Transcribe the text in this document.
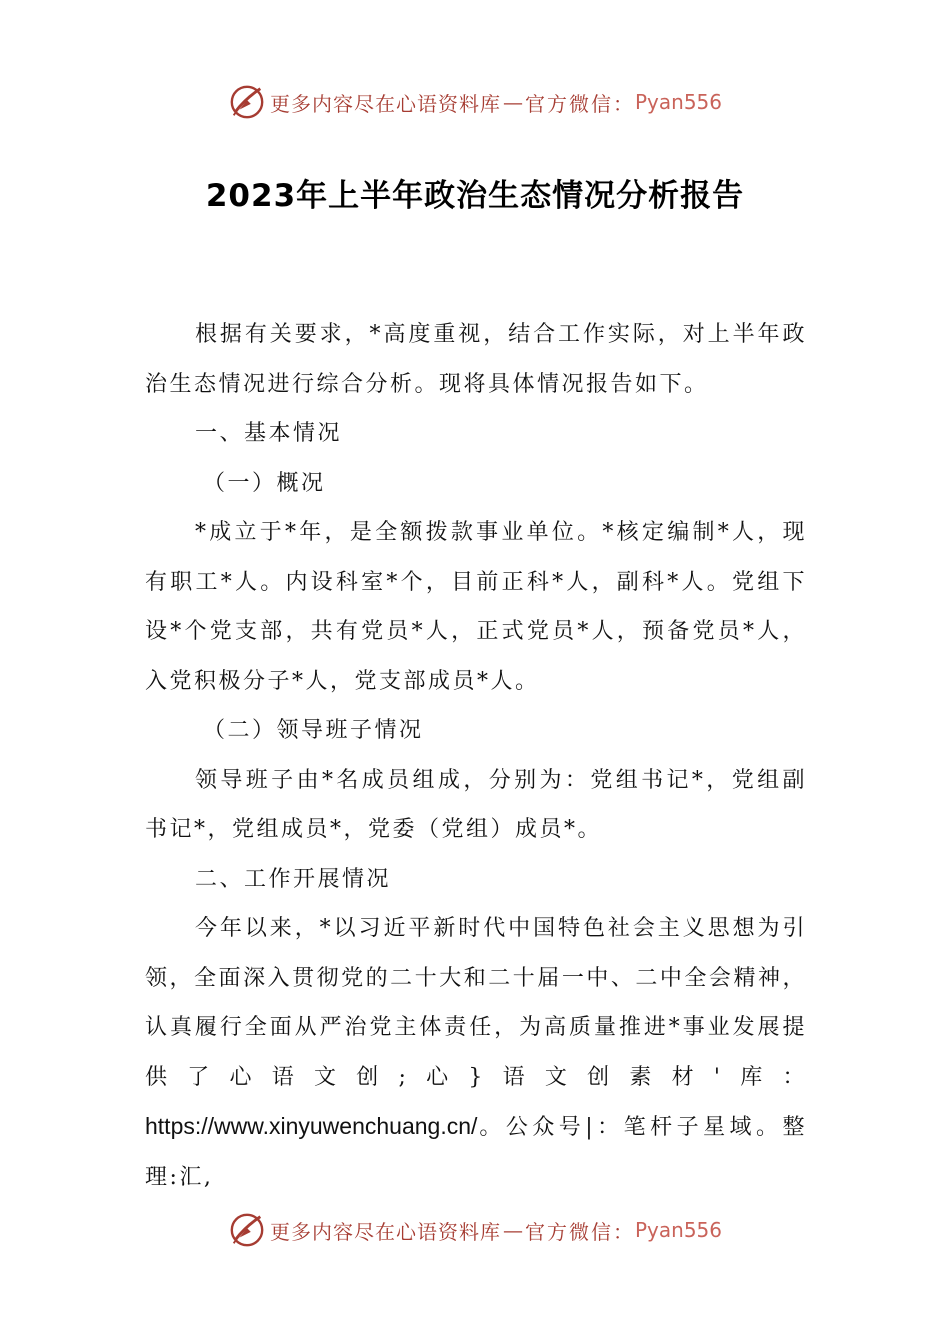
更多内容尽在心语资料库 — 官方微信： Pyan556
2023年上半年政治生态情况分析报告

根据有关要求，*高度重视，结合工作实际，对上半年政治生态情况进行综合分析。现将具体情况报告如下。

一、基本情况

（一）概况

*成立于*年，是全额拨款事业单位。*核定编制*人，现有职工*人。内设科室*个，目前正科*人，副科*人。党组下设*个党支部，共有党员*人，正式党员*人，预备党员*人，入党积极分子*人，党支部成员*人。

（二）领导班子情况

领导班子由*名成员组成，分别为：党组书记*，党组副书记*，党组成员*，党委（党组）成员*。

二、工作开展情况

今年以来，*以习近平新时代中国特色社会主义思想为引领，全面深入贯彻党的二十大和二十届一中、二中全会精神，认真履行全面从严治党主体责任，为高质量推进*事业发展提供了心语文创;心}语文创素材'库：https://www.xinyuwenchuang.cn/。公众号|：笔杆子星域。整理:汇,

更多内容尽在心语资料库 — 官方微信： Pyan556
